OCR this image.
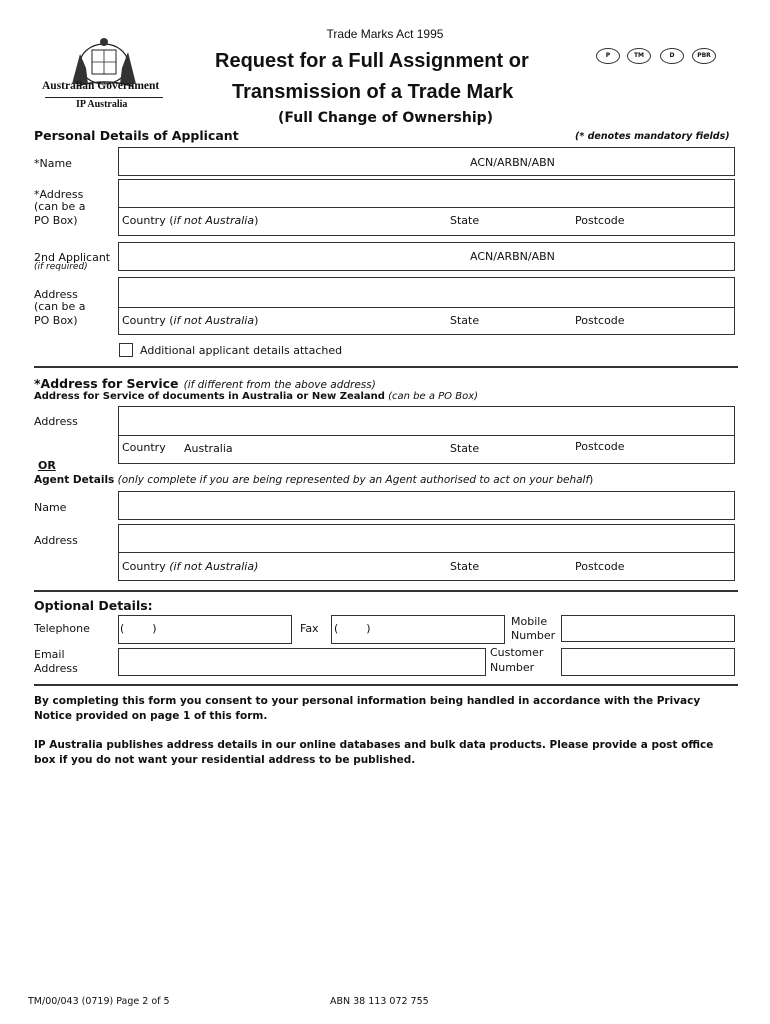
Australian Government
IP Australia
Trade Marks Act 1995
Request for a Full Assignment or
Transmission of a Trade Mark
(Full Change of Ownership)
P	TM	D	PBR
Personal Details of Applicant	(* denotes mandatory fields)
*Name	ACN/ARBN/ABN
*Address
(can be a
PO Box)	Country (if not Australia)	State	Postcode
2nd Applicant
(if required)
ACN/ARBN/ABN
Address
(can be a
PO Box)	Country (if not Australia)	State	Postcode
Additional applicant details attached
*Address for Service (if different from the above address)
Address for Service of documents in Australia or New Zealand (can be a PO Box)
Address
Country Australia	State	Postcode
OR
Agent Details (only complete if you are being represented by an Agent authorised to act on your behalf)
Name
Address
Country (if not Australia)	State	Postcode
Optional Details:
Telephone	(        )	Fax (        )
Mobile
Number
Email
Address
Customer
Number
By completing this form you consent to your personal information being handled in accordance with the Privacy Notice provided on page 1 of this form.
IP Australia publishes address details in our online databases and bulk data products. Please provide a post office box if you do not want your residential address to be published.
TM/00/043 (0719) Page 2 of 5	ABN 38 113 072 755
